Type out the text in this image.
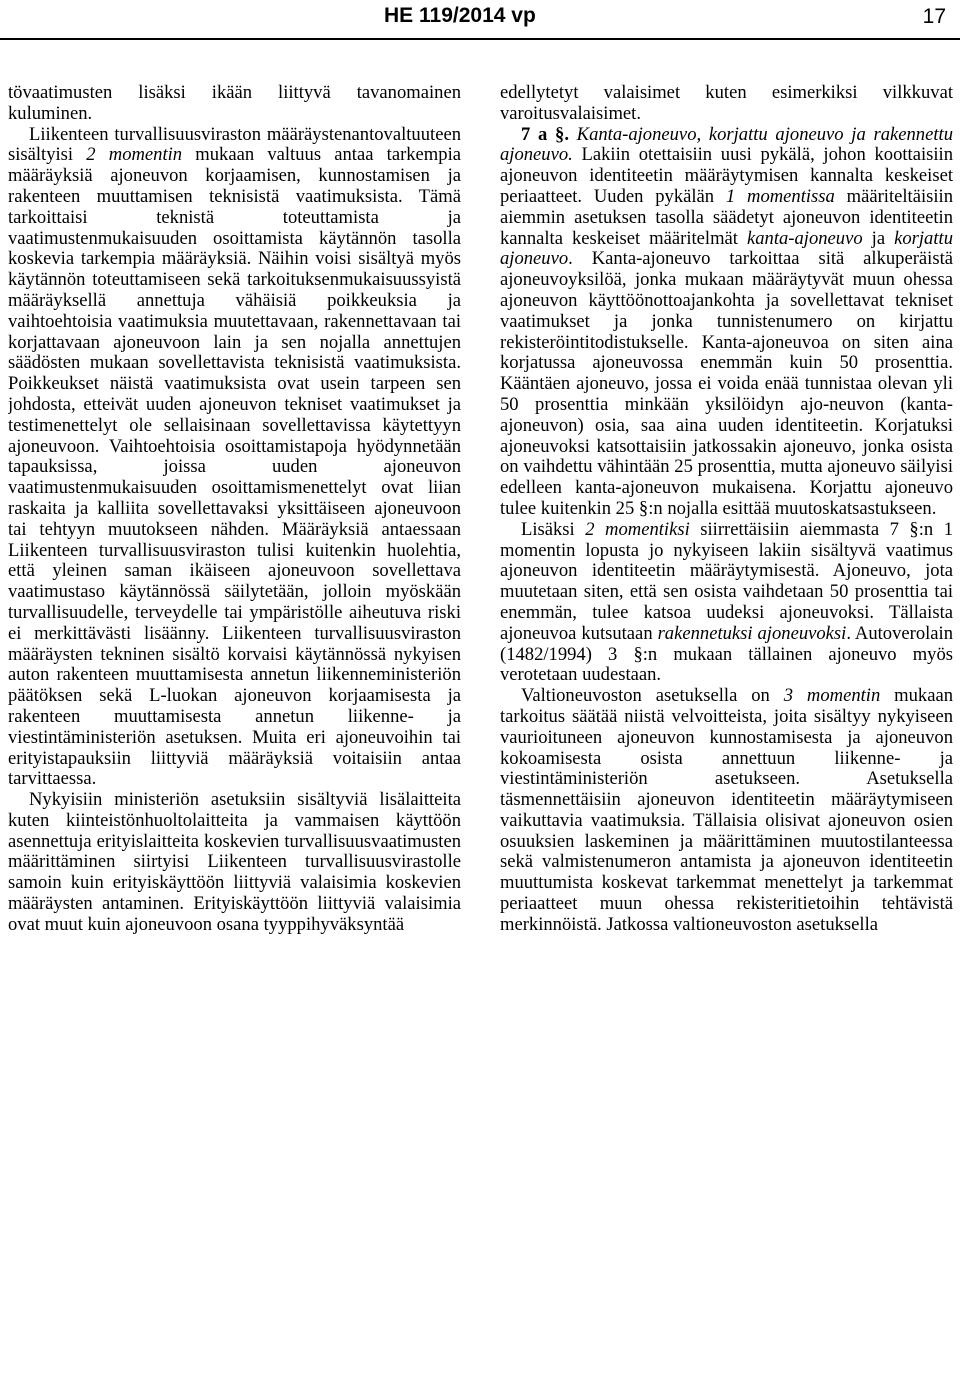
HE 119/2014 vp	17

tövaatimusten lisäksi ikään liittyvä tavanomainen kuluminen.

Liikenteen turvallisuusviraston määräystenantovaltuuteen sisältyisi 2 momentin mukaan valtuus antaa tarkempia määräyksiä ajoneuvon korjaamisen, kunnostamisen ja rakenteen muuttamisen teknisistä vaatimuksista. Tämä tarkoittaisi teknistä toteuttamista ja vaatimustenmukaisuuden osoittamista käytännön tasolla koskevia tarkempia määräyksiä. Näihin voisi sisältyä myös käytännön toteuttamiseen sekä tarkoituksenmukaisuussyistä määräyksellä annettuja vähäisiä poikkeuksia ja vaihtoehtoisia vaatimuksia muutettavaan, rakennettavaan tai korjattavaan ajoneuvoon lain ja sen nojalla annettujen säädösten mukaan sovellettavista teknisistä vaatimuksista. Poikkeukset näistä vaatimuksista ovat usein tarpeen sen johdosta, etteivät uuden ajoneuvon tekniset vaatimukset ja testimenettelyt ole sellaisinaan sovellettavissa käytettyyn ajoneuvoon. Vaihtoehtoisia osoittamistapoja hyödynnetään tapauksissa, joissa uuden ajoneuvon vaatimustenmukaisuuden osoittamismenettelyt ovat liian raskaita ja kalliita sovellettavaksi yksittäiseen ajoneuvoon tai tehtyyn muutokseen nähden. Määräyksiä antaessaan Liikenteen turvallisuusviraston tulisi kuitenkin huolehtia, että yleinen saman ikäiseen ajoneuvoon sovellettava vaatimustaso käytännössä säilytetään, jolloin myöskään turvallisuudelle, terveydelle tai ympäristölle aiheutuva riski ei merkittävästi lisäänny. Liikenteen turvallisuusviraston määräysten tekninen sisältö korvaisi käytännössä nykyisen auton rakenteen muuttamisesta annetun liikenneministeriön päätöksen sekä L-luokan ajoneuvon korjaamisesta ja rakenteen muuttamisesta annetun liikenne- ja viestintäministeriön asetuksen. Muita eri ajoneuvoihin tai erityistapauksiin liittyviä määräyksiä voitaisiin antaa tarvittaessa.

Nykyisiin ministeriön asetuksiin sisältyviä lisälaitteita kuten kiinteistönhuoltolaitteita ja vammaisen käyttöön asennettuja erityislaitteita koskevien turvallisuusvaatimusten määrittäminen siirtyisi Liikenteen turvallisuusvirastolle samoin kuin erityiskäyttöön liittyviä valaisimia koskevien määräysten antaminen. Erityiskäyttöön liittyviä valaisimia ovat muut kuin ajoneuvoon osana tyyppihyväksyntää

edellytetyt valaisimet kuten esimerkiksi vilkkuvat varoitusvalaisimet.

7 a §. Kanta-ajoneuvo, korjattu ajoneuvo ja rakennettu ajoneuvo. Lakiin otettaisiin uusi pykälä, johon koottaisiin ajoneuvon identiteetin määräytymisen kannalta keskeiset periaatteet. Uuden pykälän 1 momentissa määriteltäisiin aiemmin asetuksen tasolla säädetyt ajoneuvon identiteetin kannalta keskeiset määritelmät kanta-ajoneuvo ja korjattu ajoneuvo. Kanta-ajoneuvo tarkoittaa sitä alkuperäistä ajoneuvoyksilöä, jonka mukaan määräytyvät muun ohessa ajoneuvon käyttöönottoajankohta ja sovellettavat tekniset vaatimukset ja jonka tunnistenumero on kirjattu rekisteröintitodistukselle. Kanta-ajoneuvoa on siten aina korjatussa ajoneuvossa enemmän kuin 50 prosenttia. Kääntäen ajoneuvo, jossa ei voida enää tunnistaa olevan yli 50 prosenttia minkään yksilöidyn ajo-neuvon (kanta-ajoneuvon) osia, saa aina uuden identiteetin. Korjatuksi ajoneuvoksi katsottaisiin jatkossakin ajoneuvo, jonka osista on vaihdettu vähintään 25 prosenttia, mutta ajoneuvo säilyisi edelleen kanta-ajoneuvon mukaisena. Korjattu ajoneuvo tulee kuitenkin 25 §:n nojalla esittää muutoskatsastukseen.

Lisäksi 2 momentiksi siirrettäisiin aiemmasta 7 §:n 1 momentin lopusta jo nykyiseen lakiin sisältyvä vaatimus ajoneuvon identiteetin määräytymisestä. Ajoneuvo, jota muutetaan siten, että sen osista vaihdetaan 50 prosenttia tai enemmän, tulee katsoa uudeksi ajoneuvoksi. Tällaista ajoneuvoa kutsutaan rakennetuksi ajoneuvoksi. Autoverolain (1482/1994) 3 §:n mukaan tällainen ajoneuvo myös verotetaan uudestaan.

Valtioneuvoston asetuksella on 3 momentin mukaan tarkoitus säätää niistä velvoitteista, joita sisältyy nykyiseen vaurioituneen ajoneuvon kunnostamisesta ja ajoneuvon kokoamisesta osista annettuun liikenne- ja viestintäministeriön asetukseen. Asetuksella täsmennettäisiin ajoneuvon identiteetin määräytymiseen vaikuttavia vaatimuksia. Tällaisia olisivat ajoneuvon osien osuuksien laskeminen ja määrittäminen muutostilanteessa sekä valmistenumeron antamista ja ajoneuvon identiteetin muuttumista koskevat tarkemmat menettelyt ja tarkemmat periaatteet muun ohessa rekisteritietoihin tehtävistä merkinnöistä. Jatkossa valtioneuvoston asetuksella
